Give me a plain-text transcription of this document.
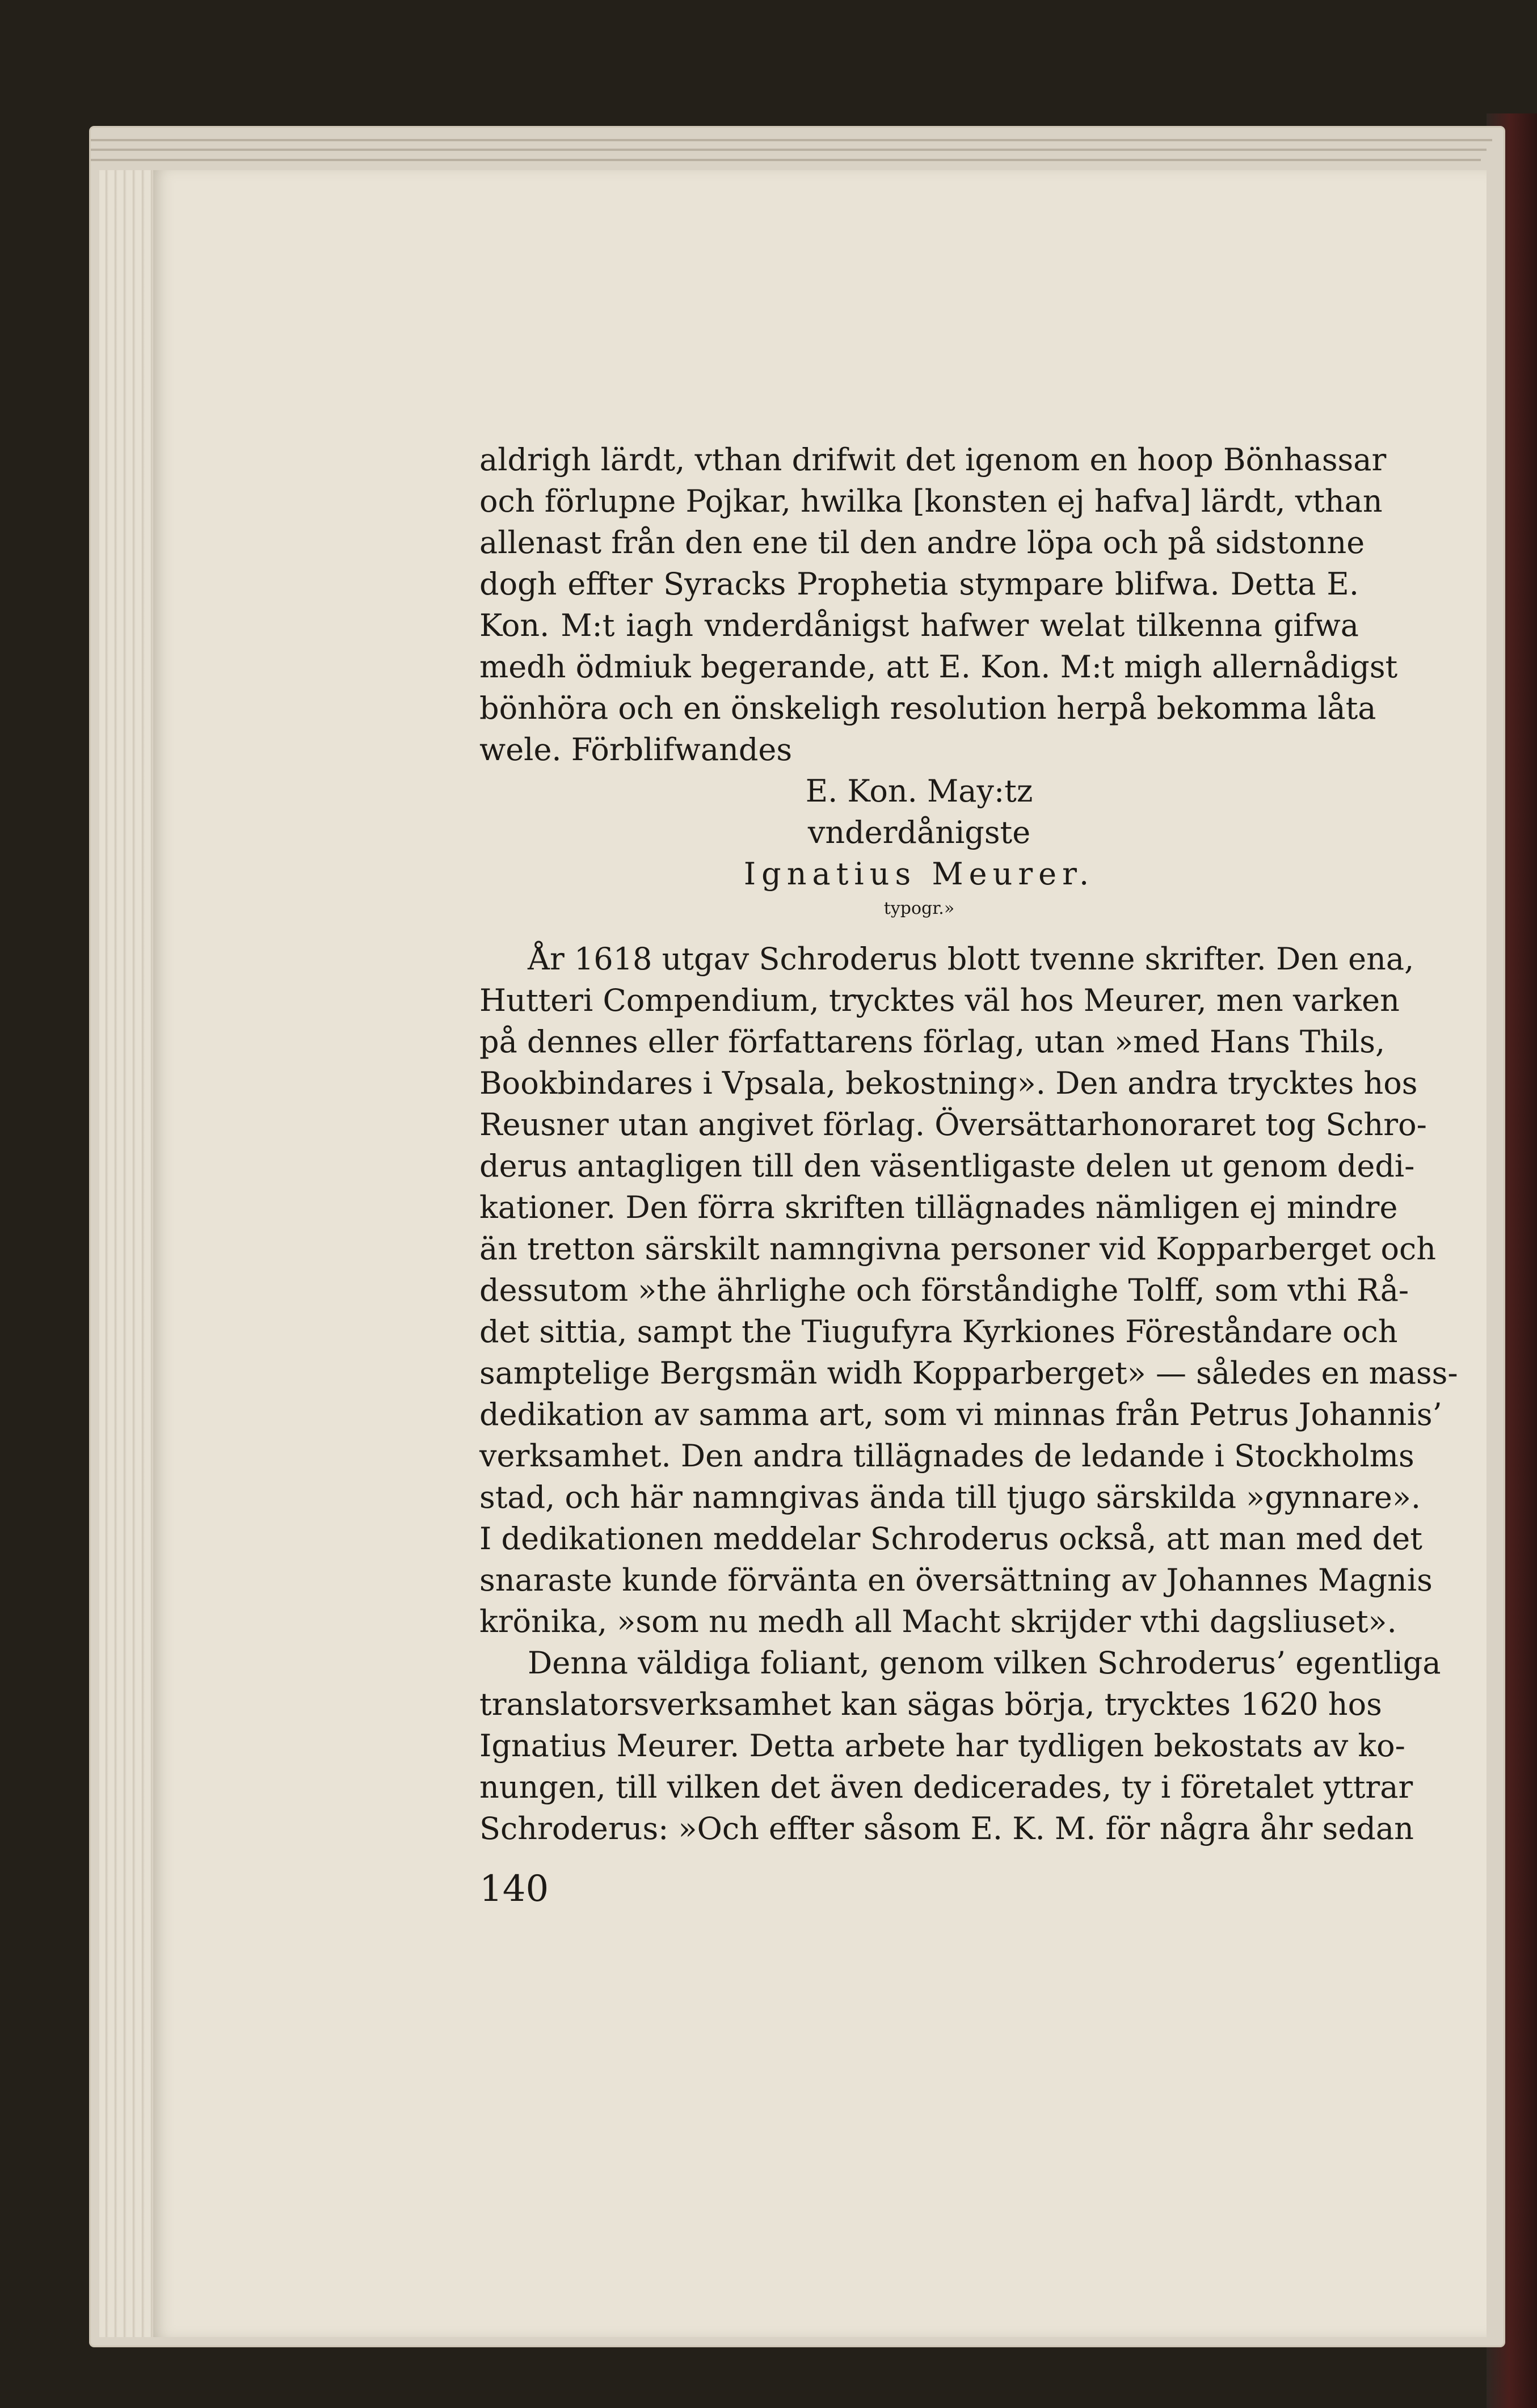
aldrigh lärdt, vthan drifwit det igenom en hoop Bönhassar
och förlupne Pojkar, hwilka [konsten ej hafva] lärdt, vthan
allenast från den ene til den andre löpa och på sidstonne
dogh effter Syracks Prophetia stympare blifwa. Detta E.
Kon. M:t iagh vnderdånigst hafwer welat tilkenna gifwa
medh ödmiuk begerande, att E. Kon. M:t migh allernådigst
bönhöra och en önskeligh resolution herpå bekomma låta
wele. Förblifwandes
E. Kon. May:tz
vnderdånigste
Ignatius Meurer.
typogr.»
År 1618 utgav Schroderus blott tvenne skrifter. Den ena,
Hutteri Compendium, trycktes väl hos Meurer, men varken
på dennes eller författarens förlag, utan »med Hans Thils,
Bookbindares i Vpsala, bekostning». Den andra trycktes hos
Reusner utan angivet förlag. Översättarhonoraret tog Schro-
derus antagligen till den väsentligaste delen ut genom dedi-
kationer. Den förra skriften tillägnades nämligen ej mindre
än tretton särskilt namngivna personer vid Kopparberget och
dessutom »the ährlighe och förståndighe Tolff, som vthi Rå-
det sittia, sampt the Tiugufyra Kyrkiones Föreståndare och
samptelige Bergsmän widh Kopparberget» — således en mass-
dedikation av samma art, som vi minnas från Petrus Johannis’
verksamhet. Den andra tillägnades de ledande i Stockholms
stad, och här namngivas ända till tjugo särskilda »gynnare».
I dedikationen meddelar Schroderus också, att man med det
snaraste kunde förvänta en översättning av Johannes Magnis
krönika, »som nu medh all Macht skrijder vthi dagsliuset».
Denna väldiga foliant, genom vilken Schroderus’ egentliga
translatorsverksamhet kan sägas börja, trycktes 1620 hos
Ignatius Meurer. Detta arbete har tydligen bekostats av ko-
nungen, till vilken det även dedicerades, ty i företalet yttrar
Schroderus: »Och effter såsom E. K. M. för några åhr sedan
140
